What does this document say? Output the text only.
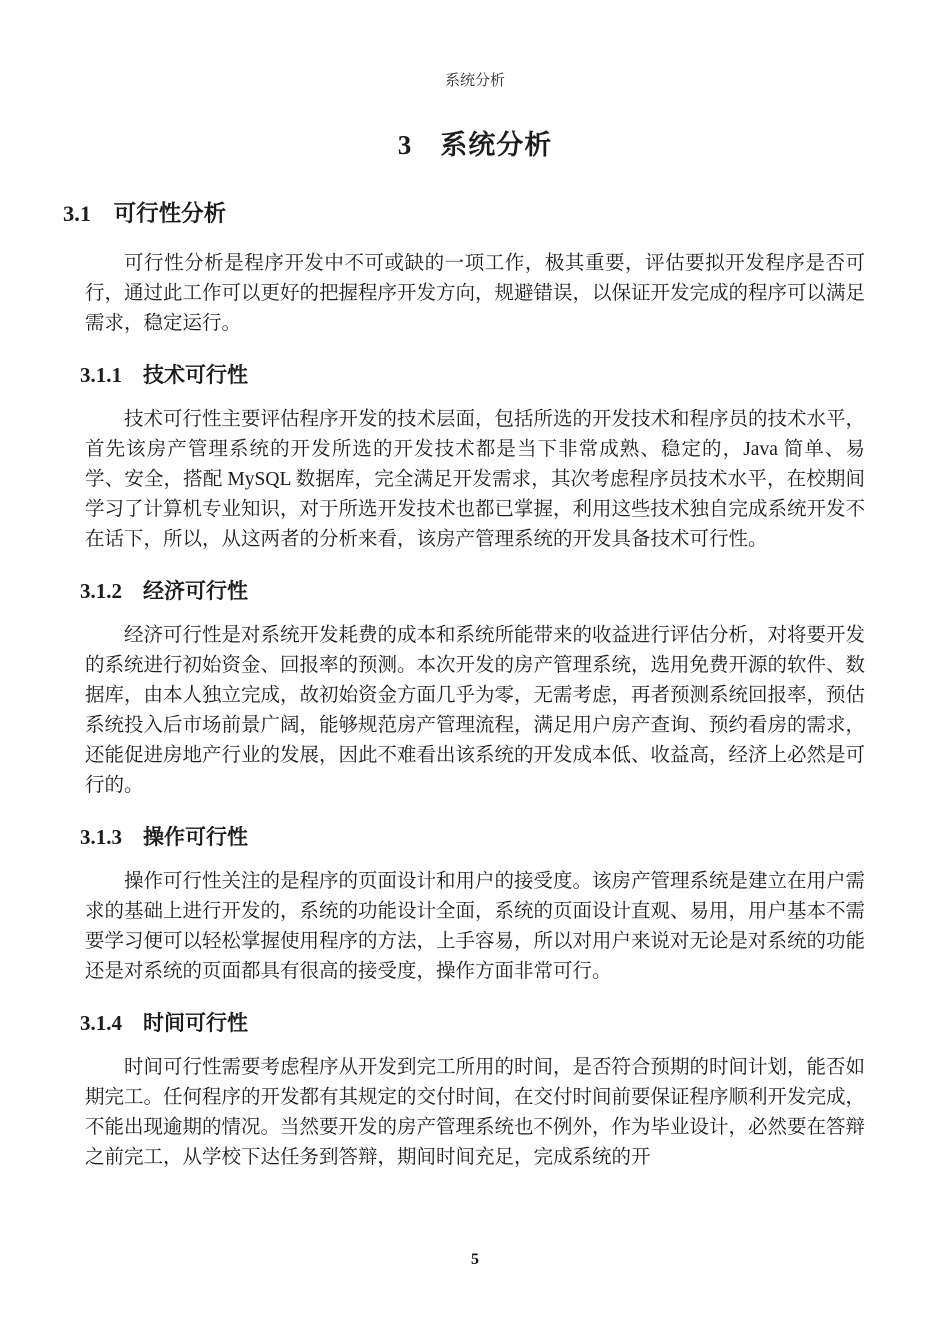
系统分析
3　系统分析
3.1　可行性分析

可行性分析是程序开发中不可或缺的一项工作，极其重要，评估要拟开发程序是否可行，通过此工作可以更好的把握程序开发方向，规避错误，以保证开发完成的程序可以满足需求，稳定运行。

3.1.1　技术可行性

技术可行性主要评估程序开发的技术层面，包括所选的开发技术和程序员的技术水平，首先该房产管理系统的开发所选的开发技术都是当下非常成熟、稳定的，Java 简单、易学、安全，搭配 MySQL 数据库，完全满足开发需求，其次考虑程序员技术水平，在校期间学习了计算机专业知识，对于所选开发技术也都已掌握，利用这些技术独自完成系统开发不在话下，所以，从这两者的分析来看，该房产管理系统的开发具备技术可行性。

3.1.2　经济可行性

经济可行性是对系统开发耗费的成本和系统所能带来的收益进行评估分析，对将要开发的系统进行初始资金、回报率的预测。本次开发的房产管理系统，选用免费开源的软件、数据库，由本人独立完成，故初始资金方面几乎为零，无需考虑，再者预测系统回报率，预估系统投入后市场前景广阔，能够规范房产管理流程，满足用户房产查询、预约看房的需求，还能促进房地产行业的发展，因此不难看出该系统的开发成本低、收益高，经济上必然是可行的。

3.1.3　操作可行性

操作可行性关注的是程序的页面设计和用户的接受度。该房产管理系统是建立在用户需求的基础上进行开发的，系统的功能设计全面，系统的页面设计直观、易用，用户基本不需要学习便可以轻松掌握使用程序的方法，上手容易，所以对用户来说对无论是对系统的功能还是对系统的页面都具有很高的接受度，操作方面非常可行。

3.1.4　时间可行性

时间可行性需要考虑程序从开发到完工所用的时间，是否符合预期的时间计划，能否如期完工。任何程序的开发都有其规定的交付时间，在交付时间前要保证程序顺利开发完成，不能出现逾期的情况。当然要开发的房产管理系统也不例外，作为毕业设计，必然要在答辩之前完工，从学校下达任务到答辩，期间时间充足，完成系统的开

5
